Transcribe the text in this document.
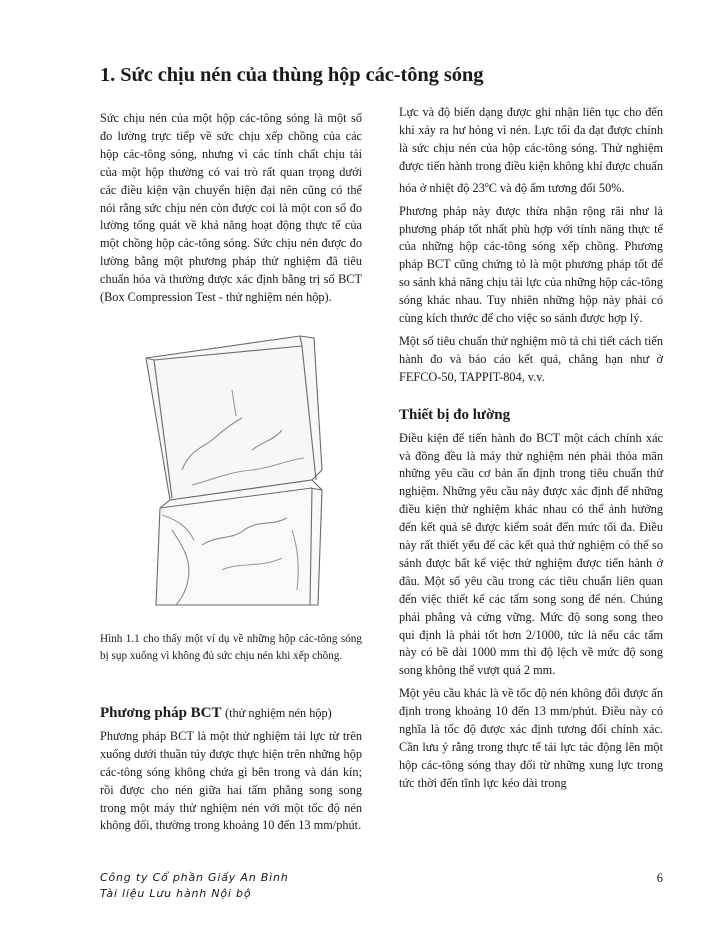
1. Sức chịu nén của thùng hộp các-tông sóng

Sức chịu nén của một hộp các-tông sóng là một số đo lường trực tiếp về sức chịu xếp chồng của các hộp các-tông sóng, nhưng vì các tính chất chịu tải của một hộp thường có vai trò rất quan trọng dưới các điều kiện vận chuyển hiện đại nên cũng có thể nói rằng sức chịu nén còn được coi là một con số đo lường tổng quát về khả năng hoạt động thực tế của một chồng hộp các-tông sóng. Sức chịu nén được đo lường bằng một phương pháp thử nghiệm đã tiêu chuẩn hóa và thường được xác định bằng trị số BCT (Box Compression Test - thử nghiệm nén hộp).

Hình 1.1 cho thấy một ví dụ về những hộp các-tông sóng bị sụp xuống vì không đủ sức chịu nén khi xếp chồng.

Phương pháp BCT (thử nghiệm nén hộp)

Phương pháp BCT là một thử nghiệm tải lực từ trên xuống dưới thuần túy được thực hiện trên những hộp các-tông sóng không chứa gì bên trong và dán kín; rồi được cho nén giữa hai tấm phẳng song song trong một máy thử nghiệm nén với một tốc độ nén không đổi, thường trong khoảng 10 đến 13 mm/phút.

Lực và độ biến dạng được ghi nhận liên tục cho đến khi xảy ra hư hỏng vì nén. Lực tối đa đạt được chính là sức chịu nén của hộp các-tông sóng. Thử nghiệm được tiến hành trong điều kiện không khí được chuẩn hóa ở nhiệt độ 23$^o$C và độ ẩm tương đối 50%.

Phương pháp này được thừa nhận rộng rãi như là phương pháp tốt nhất phù hợp với tính năng thực tế của những hộp các-tông sóng xếp chồng. Phương pháp BCT cũng chứng tỏ là một phương pháp tốt để so sánh khả năng chịu tải lực của những hộp các-tông sóng khác nhau. Tuy nhiên những hộp này phải có cùng kích thước để cho việc so sánh được hợp lý.

Một số tiêu chuẩn thử nghiệm mô tả chi tiết cách tiến hành đo và báo cáo kết quả, chẳng hạn như ở FEFCO-50, TAPPIT-804, v.v.

Thiết bị đo lường

Điều kiện để tiến hành đo BCT một cách chính xác và đồng đều là máy thử nghiệm nén phải thỏa mãn những yêu cầu cơ bản ấn định trong tiêu chuẩn thử nghiệm. Những yêu cầu này được xác định để những điều kiện thử nghiệm khác nhau có thể ảnh hưởng đến kết quả sẽ được kiểm soát đến mức tối đa. Điều này rất thiết yếu để các kết quả thử nghiệm có thể so sánh được bất kể việc thử nghiệm được tiến hành ở đâu. Một số yêu cầu trong các tiêu chuẩn liên quan đến việc thiết kế các tấm song song để nén. Chúng phải phẳng và cứng vững. Mức độ song song theo qui định là phải tốt hơn 2/1000, tức là nếu các tấm này có bề dài 1000 mm thì độ lệch về mức độ song song không thể vượt quá 2 mm.

Một yêu cầu khác là về tốc độ nén không đổi được ấn định trong khoảng 10 đến 13 mm/phút. Điều này có nghĩa là tốc độ được xác định tương đối chính xác. Cần lưu ý rằng trong thực tế tải lực tác động lên một hộp các-tông sóng thay đổi từ những xung lực trong tức thời đến tĩnh lực kéo dài trong

Công ty Cổ phần Giấy An Bình
Tài liệu Lưu hành Nội bộ
6
